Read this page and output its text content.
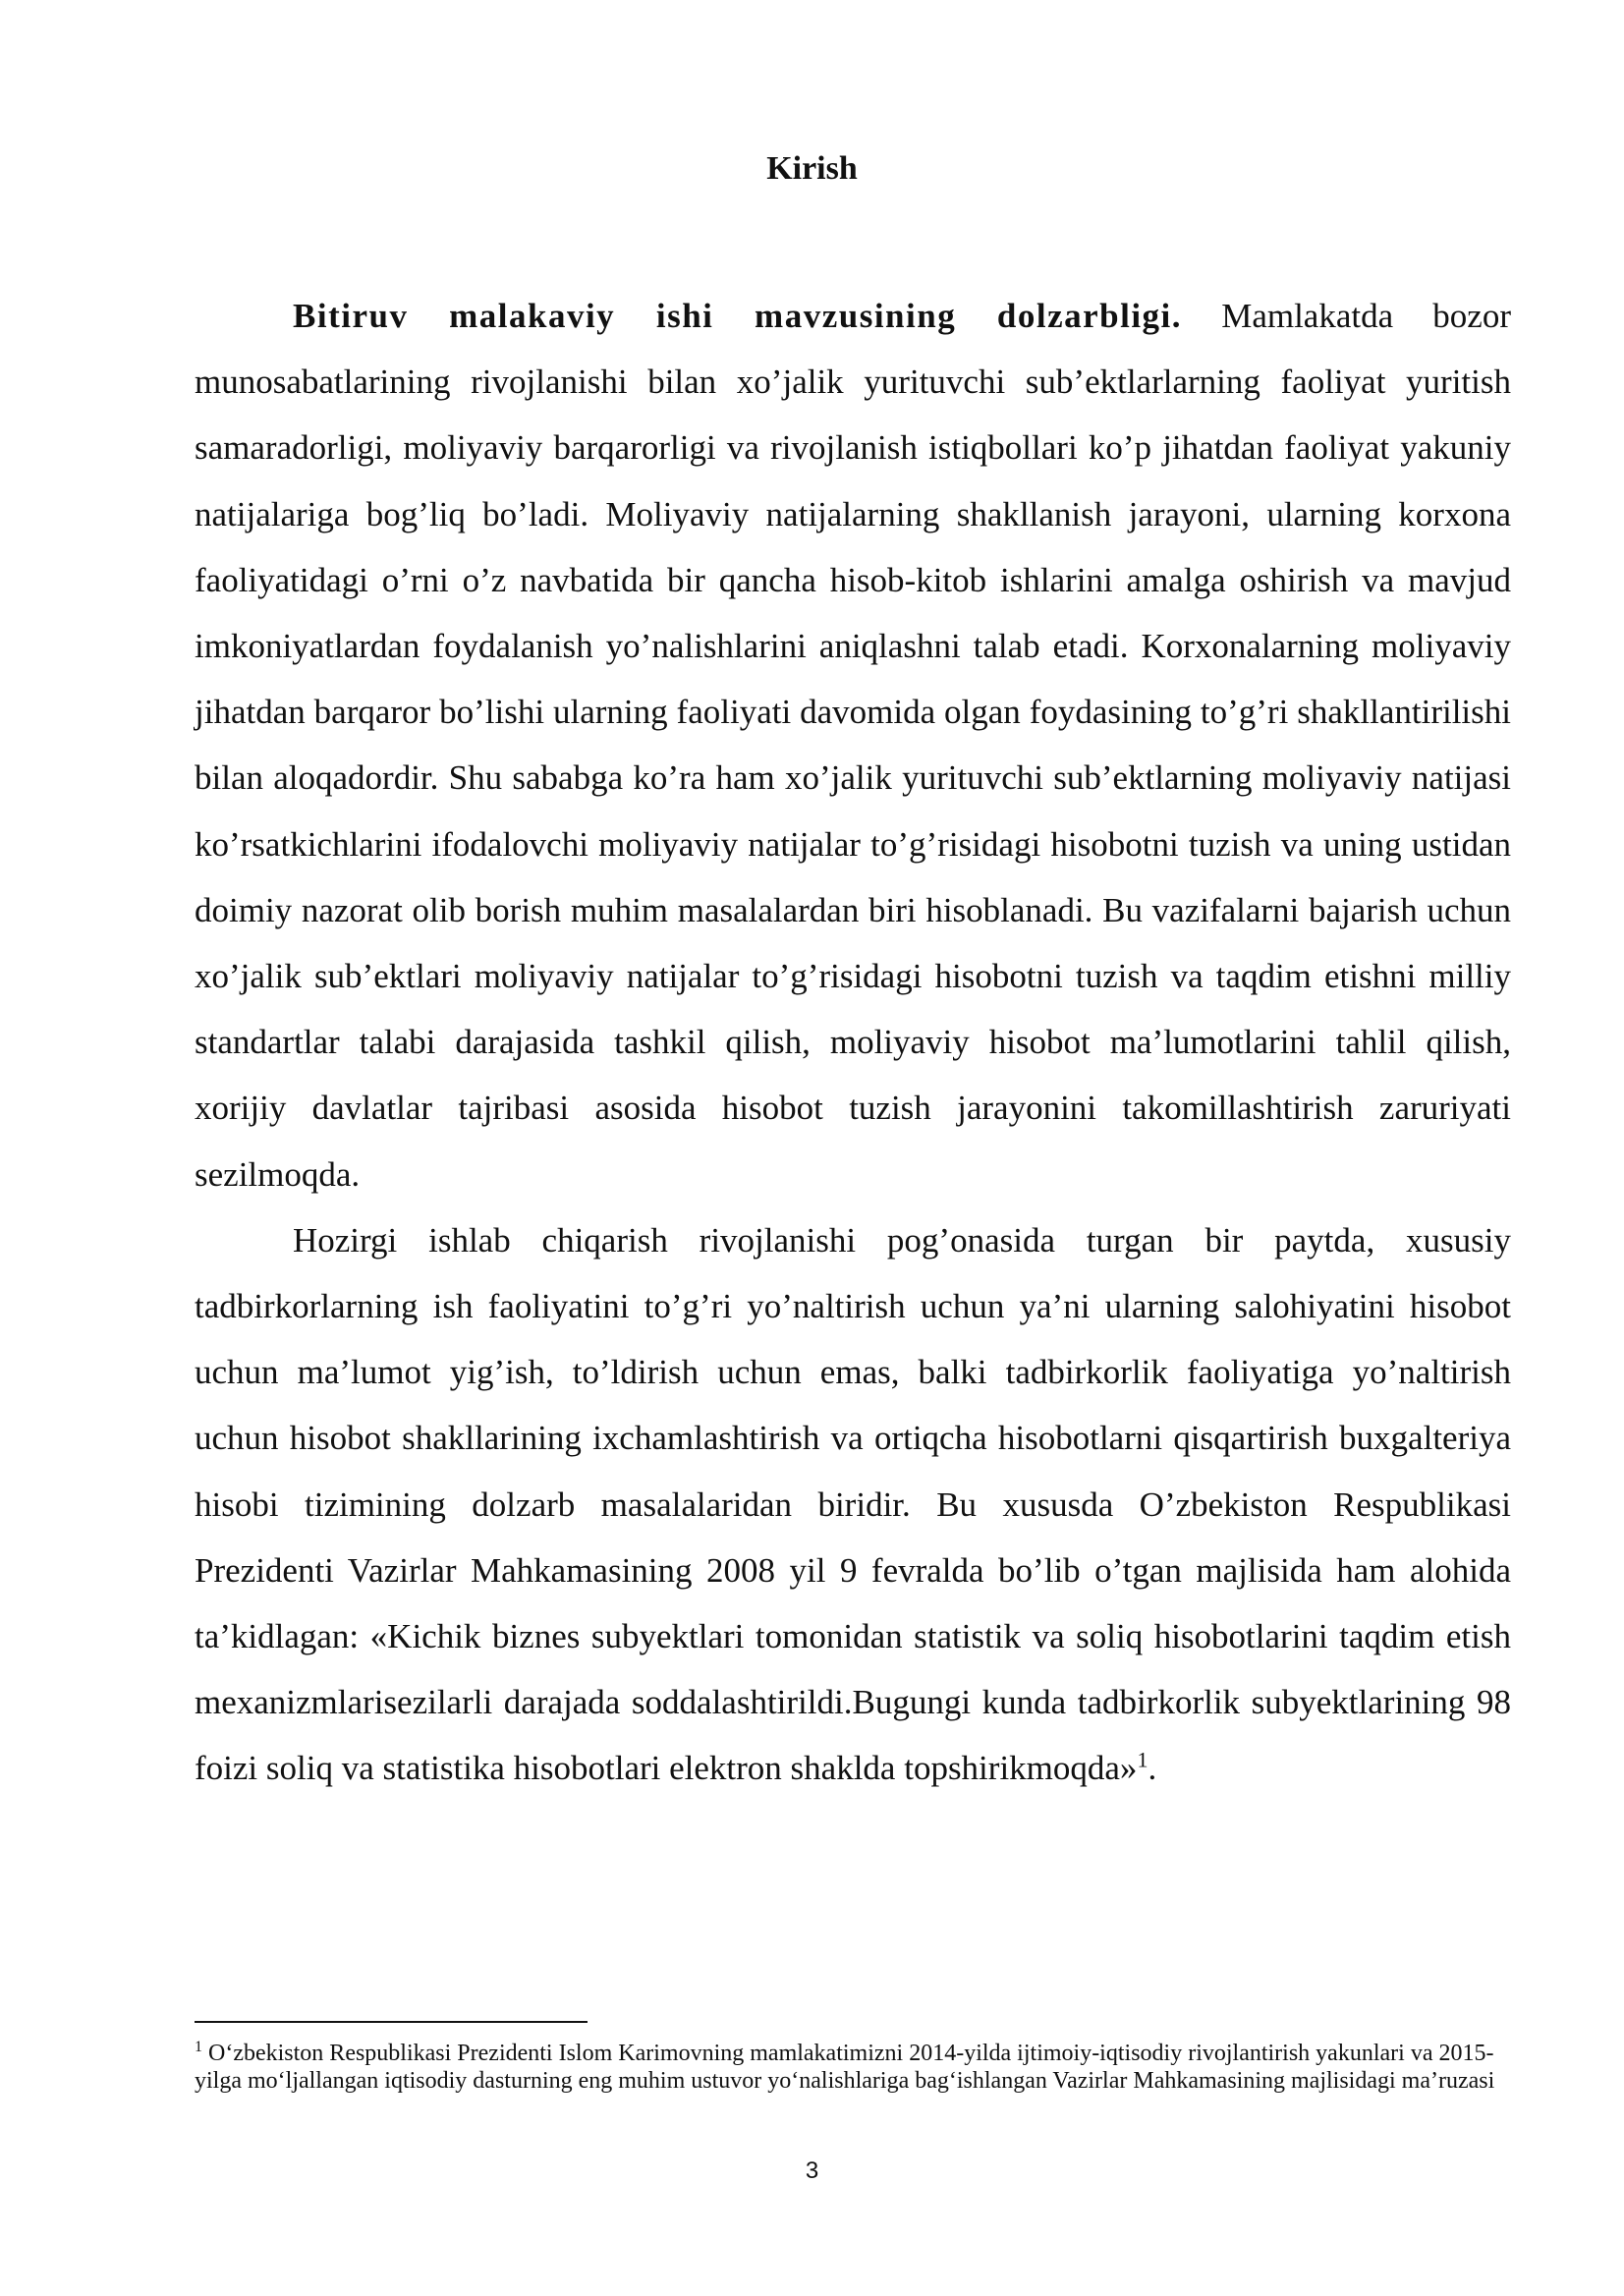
Kirish

Bitiruv malakaviy ishi mavzusining dolzarbligi. Mamlakatda bozor munosabatlarining rivojlanishi bilan xo’jalik yurituvchi sub’ektlarlarning faoliyat yuritish samaradorligi, moliyaviy barqarorligi va rivojlanish istiqbollari ko’p jihatdan faoliyat yakuniy natijalariga bog’liq bo’ladi. Moliyaviy natijalarning shakllanish jarayoni, ularning korxona faoliyatidagi o’rni o’z navbatida bir qancha hisob-kitob ishlarini amalga oshirish va mavjud imkoniyatlardan foydalanish yo’nalishlarini aniqlashni talab etadi. Korxonalarning moliyaviy jihatdan barqaror bo’lishi ularning faoliyati davomida olgan foydasining to’g’ri shakllantirilishi bilan aloqadordir. Shu sababga ko’ra ham xo’jalik yurituvchi sub’ektlarning moliyaviy natijasi ko’rsatkichlarini ifodalovchi moliyaviy natijalar to’g’risidagi hisobotni tuzish va uning ustidan doimiy nazorat olib borish muhim masalalardan biri hisoblanadi. Bu vazifalarni bajarish uchun xo’jalik sub’ektlari moliyaviy natijalar to’g’risidagi hisobotni tuzish va taqdim etishni milliy standartlar talabi darajasida tashkil qilish, moliyaviy hisobot ma’lumotlarini tahlil qilish, xorijiy davlatlar tajribasi asosida hisobot tuzish jarayonini takomillashtirish zaruriyati sezilmoqda.

Hozirgi ishlab chiqarish rivojlanishi pog’onasida turgan bir paytda, xususiy tadbirkorlarning ish faoliyatini to’g’ri yo’naltirish uchun ya’ni ularning salohiyatini hisobot uchun ma’lumot yig’ish, to’ldirish uchun emas, balki tadbirkorlik faoliyatiga yo’naltirish uchun hisobot shakllarining ixchamlashtirish va ortiqcha hisobotlarni qisqartirish buxgalteriya hisobi tizimining dolzarb masalalaridan biridir. Bu xususda O’zbekiston Respublikasi Prezidenti Vazirlar Mahkamasining 2008 yil 9 fevralda bo’lib o’tgan majlisida ham alohida ta’kidlagan: «Kichik biznes subyektlari tomonidan statistik va soliq hisobotlarini taqdim etish mexanizmlarisezilarli darajada soddalashtirildi.Bugungi kunda tadbirkorlik subyektlarining 98 foizi soliq va statistika hisobotlari elektron shaklda topshirikmoqda»$^1$.

$^1$ O‘zbekiston Respublikasi Prezidenti Islom Karimovning mamlakatimizni 2014-yilda ijtimoiy-iqtisodiy rivojlantirish yakunlari va 2015-yilga mo‘ljallangan iqtisodiy dasturning eng muhim ustuvor yo‘nalishlariga bag‘ishlangan Vazirlar Mahkamasining majlisidagi ma’ruzasi
3
